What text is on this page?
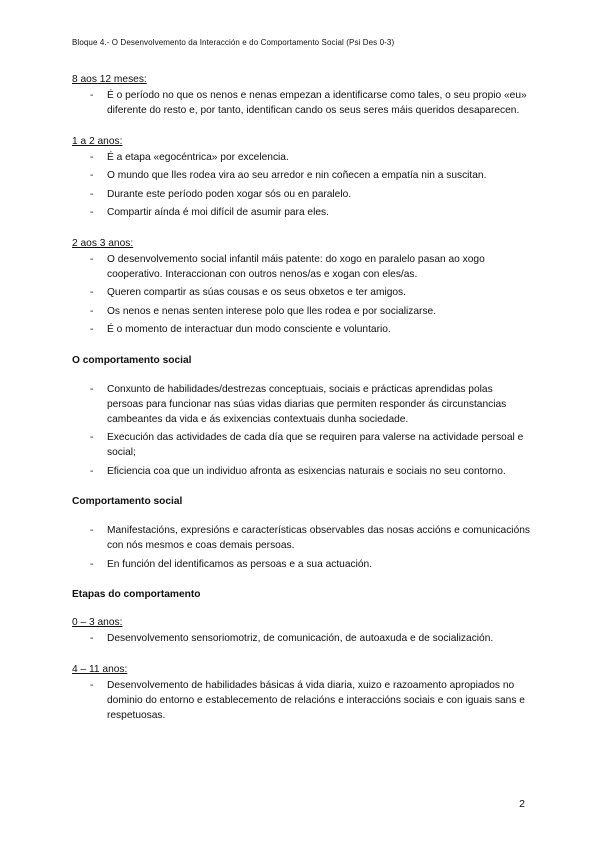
Bloque 4.- O Desenvolvemento da Interacción e do Comportamento Social (Psi Des 0-3)

8 aos 12 meses:

- É o período no que os nenos e nenas empezan a identificarse como tales, o seu propio «eu» diferente do resto e, por tanto, identifican cando os seus seres máis queridos desaparecen.

1 a 2 anos:

- É a etapa «egocéntrica» por excelencia.
- O mundo que lles rodea vira ao seu arredor e nin coñecen a empatía nin a suscitan.
- Durante este período poden xogar sós ou en paralelo.
- Compartir aínda é moi difícil de asumir para eles.

2 aos 3 anos:

- O desenvolvemento social infantil máis patente: do xogo en paralelo pasan ao xogo cooperativo. Interaccionan con outros nenos/as e xogan con eles/as.
- Queren compartir as súas cousas e os seus obxetos e ter amigos.
- Os nenos e nenas senten interese polo que lles rodea e por socializarse.
- É o momento de interactuar dun modo consciente e voluntario.

O comportamento social

- Conxunto de habilidades/destrezas conceptuais, sociais e prácticas aprendidas polas persoas para funcionar nas súas vidas diarias que permiten responder ás circunstancias cambeantes da vida e ás exixencias contextuais dunha sociedade.
- Execución das actividades de cada día que se requiren para valerse na actividade persoal e social;
- Eficiencia coa que un individuo afronta as esixencias naturais e sociais no seu contorno.

Comportamento social

- Manifestacións, expresións e características observables das nosas accións e comunicacións con nós mesmos e coas demais persoas.
- En función del identificamos as persoas e a sua actuación.

Etapas do comportamento

0 – 3 anos:

- Desenvolvemento sensoriomotriz, de comunicación, de autoaxuda e de socialización.

4 – 11 anos:

- Desenvolvemento de habilidades básicas á vida diaria, xuizo e razoamento apropiados no dominio do entorno e establecemento de relacións e interaccións sociais e con iguais sans e respetuosas.
2
